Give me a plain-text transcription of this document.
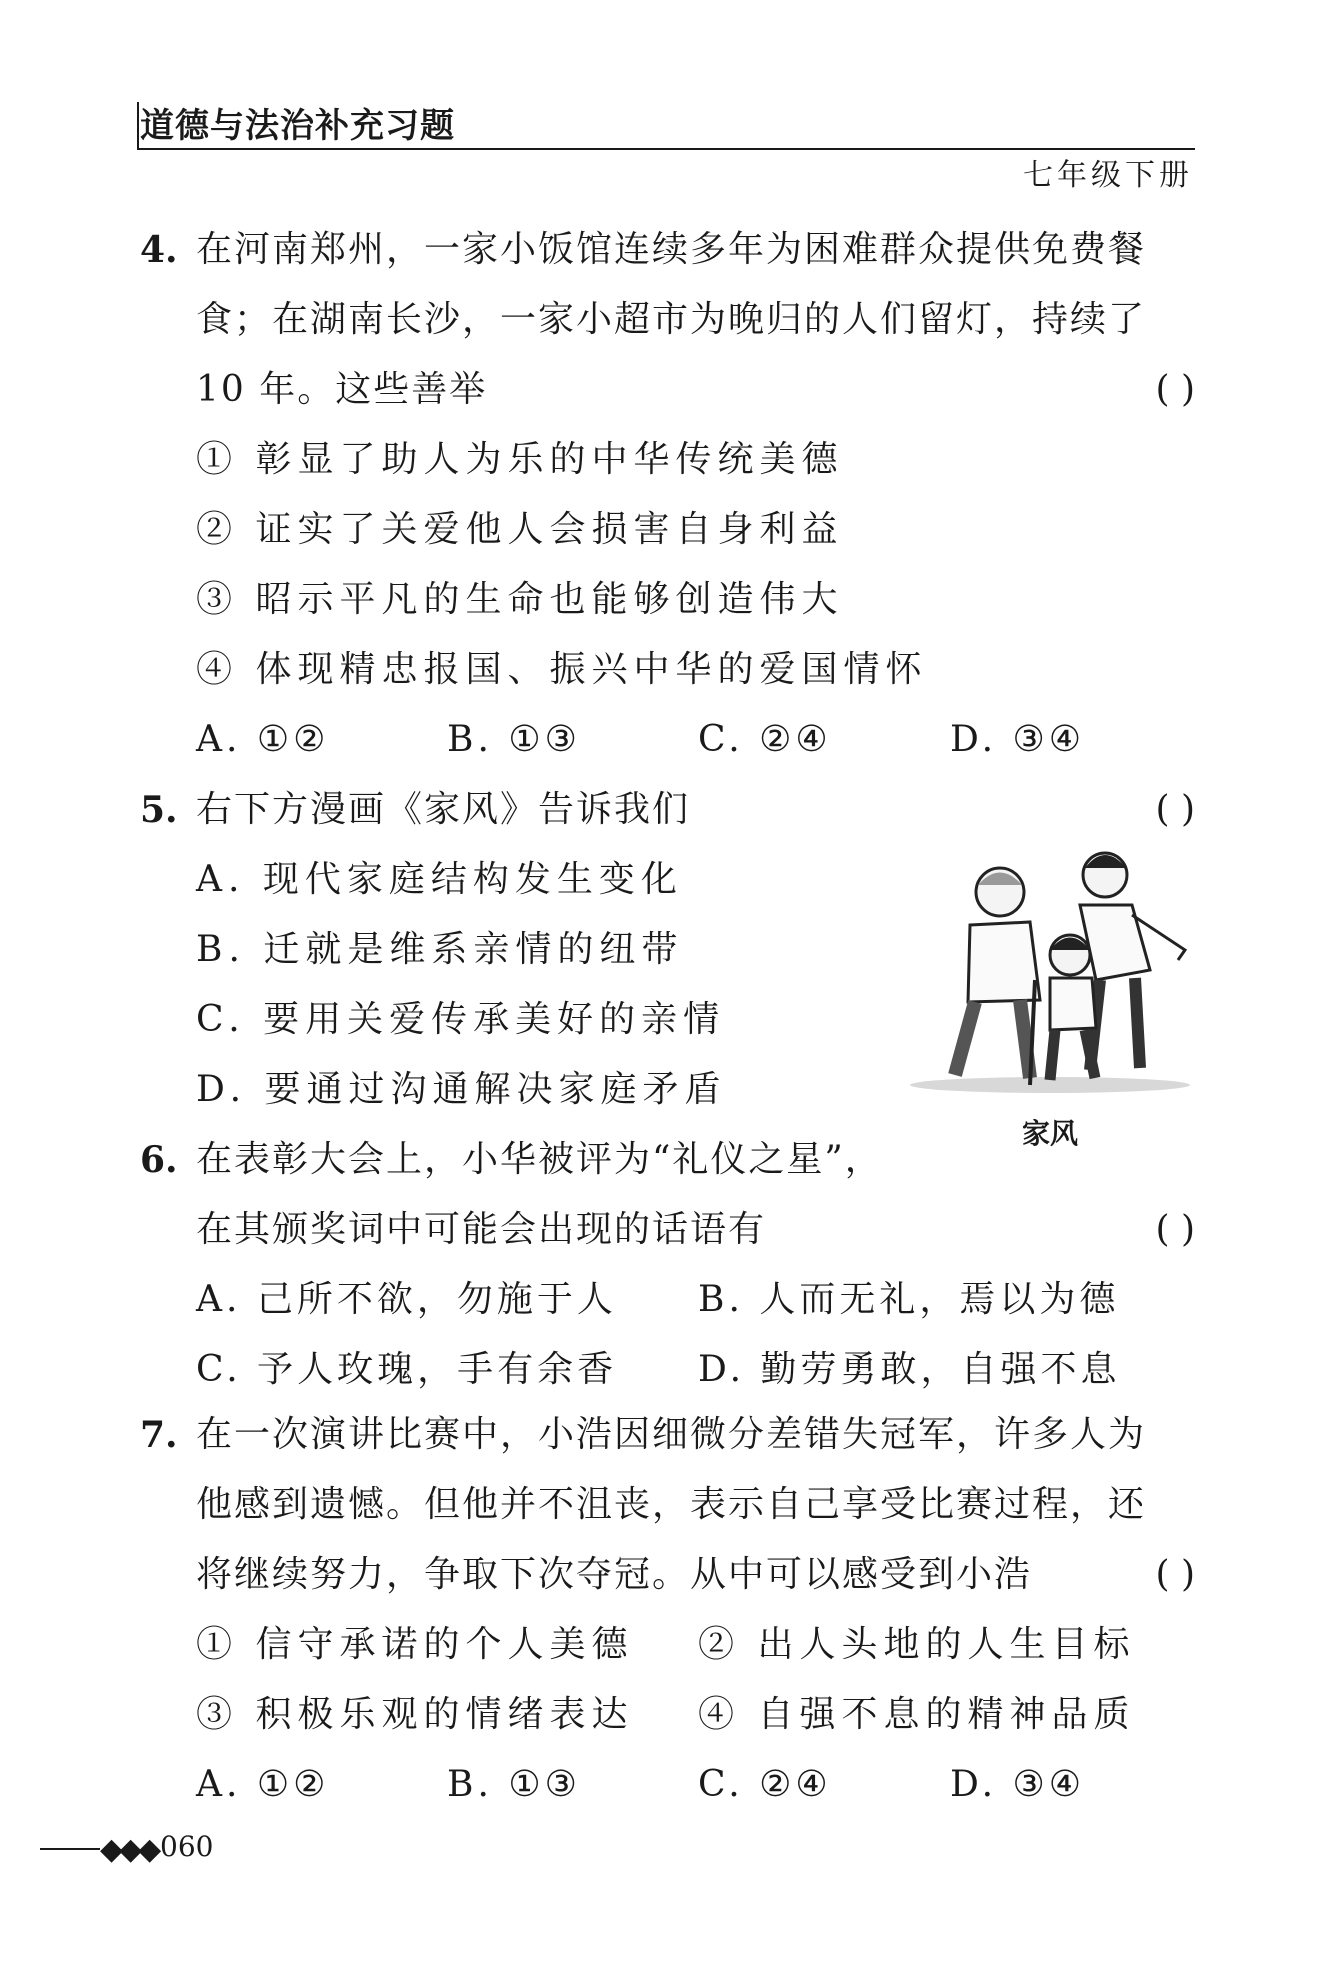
道德与法治补充习题
七年级下册
4. 在河南郑州，一家小饭馆连续多年为困难群众提供免费餐
食；在湖南长沙，一家小超市为晚归的人们留灯，持续了
10 年。这些善举	( )
① 彰显了助人为乐的中华传统美德
② 证实了关爱他人会损害自身利益
③ 昭示平凡的生命也能够创造伟大
④ 体现精忠报国、振兴中华的爱国情怀
A. ①②	B. ①③	C. ②④	D. ③④
5. 右下方漫画《家风》告诉我们	( )
A. 现代家庭结构发生变化
B. 迁就是维系亲情的纽带
C. 要用关爱传承美好的亲情
D. 要通过沟通解决家庭矛盾
家风
6. 在表彰大会上，小华被评为“礼仪之星”，
在其颁奖词中可能会出现的话语有	( )
A. 己所不欲，勿施于人 B. 人而无礼，焉以为德
C. 予人玫瑰，手有余香 D. 勤劳勇敢，自强不息
7. 在一次演讲比赛中，小浩因细微分差错失冠军，许多人为
他感到遗憾。但他并不沮丧，表示自己享受比赛过程，还
将继续努力，争取下次夺冠。从中可以感受到小浩	( )
① 信守承诺的个人美德 ② 出人头地的人生目标
③ 积极乐观的情绪表达 ④ 自强不息的精神品质
A. ①②	B. ①③	C. ②④	D. ③④
◆◆◆ 060
